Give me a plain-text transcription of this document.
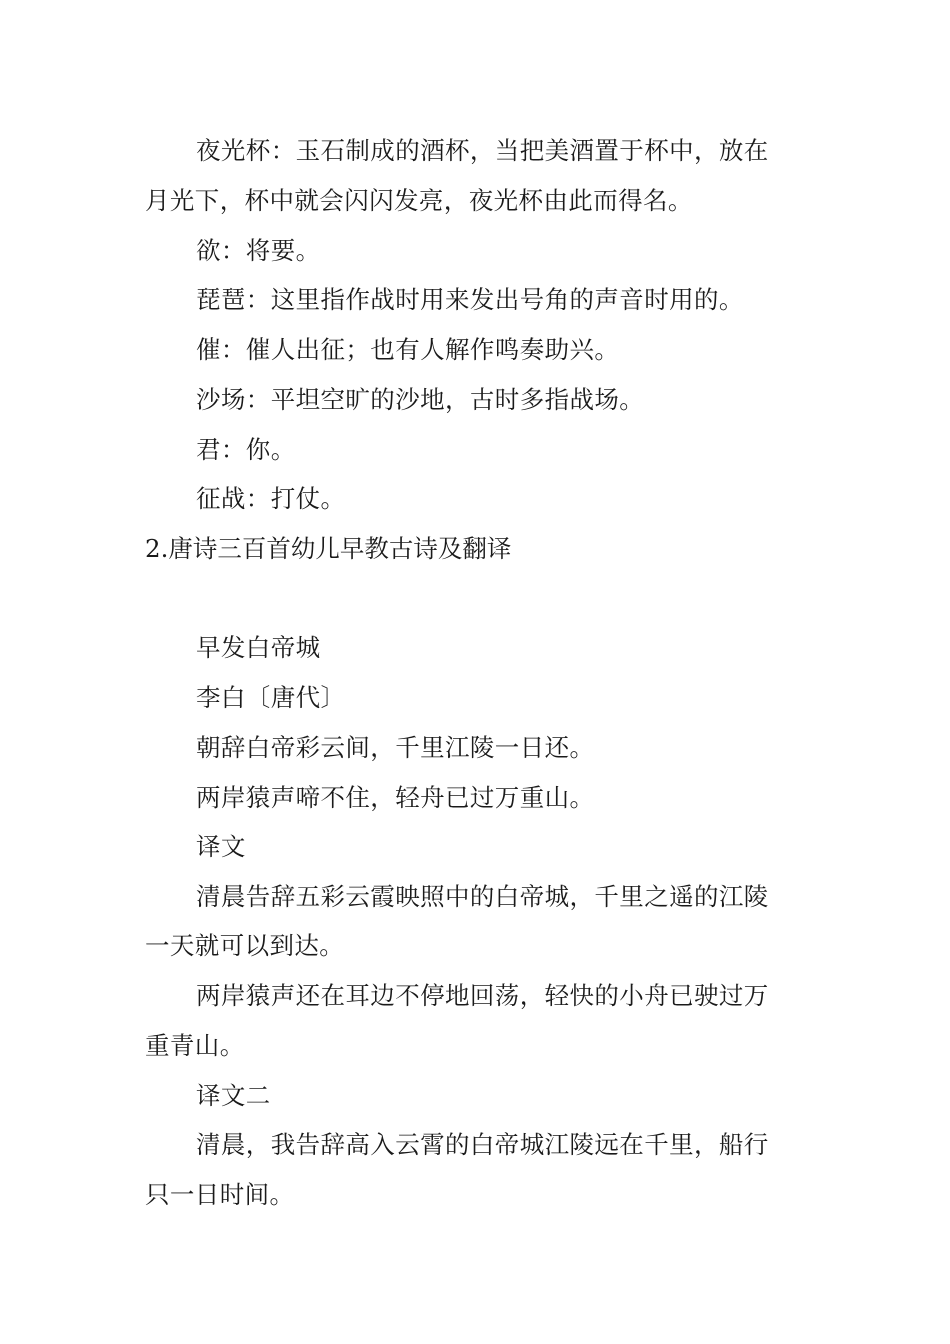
夜光杯：玉石制成的酒杯，当把美酒置于杯中，放在
月光下，杯中就会闪闪发亮，夜光杯由此而得名。
欲：将要。
琵琶：这里指作战时用来发出号角的声音时用的。
催：催人出征；也有人解作鸣奏助兴。
沙场：平坦空旷的沙地，古时多指战场。
君：你。
征战：打仗。
2.唐诗三百首幼儿早教古诗及翻译
早发白帝城
李白〔唐代〕
朝辞白帝彩云间，千里江陵一日还。
两岸猿声啼不住，轻舟已过万重山。
译文
清晨告辞五彩云霞映照中的白帝城，千里之遥的江陵
一天就可以到达。
两岸猿声还在耳边不停地回荡，轻快的小舟已驶过万
重青山。
译文二
清晨，我告辞高入云霄的白帝城江陵远在千里，船行
只一日时间。
